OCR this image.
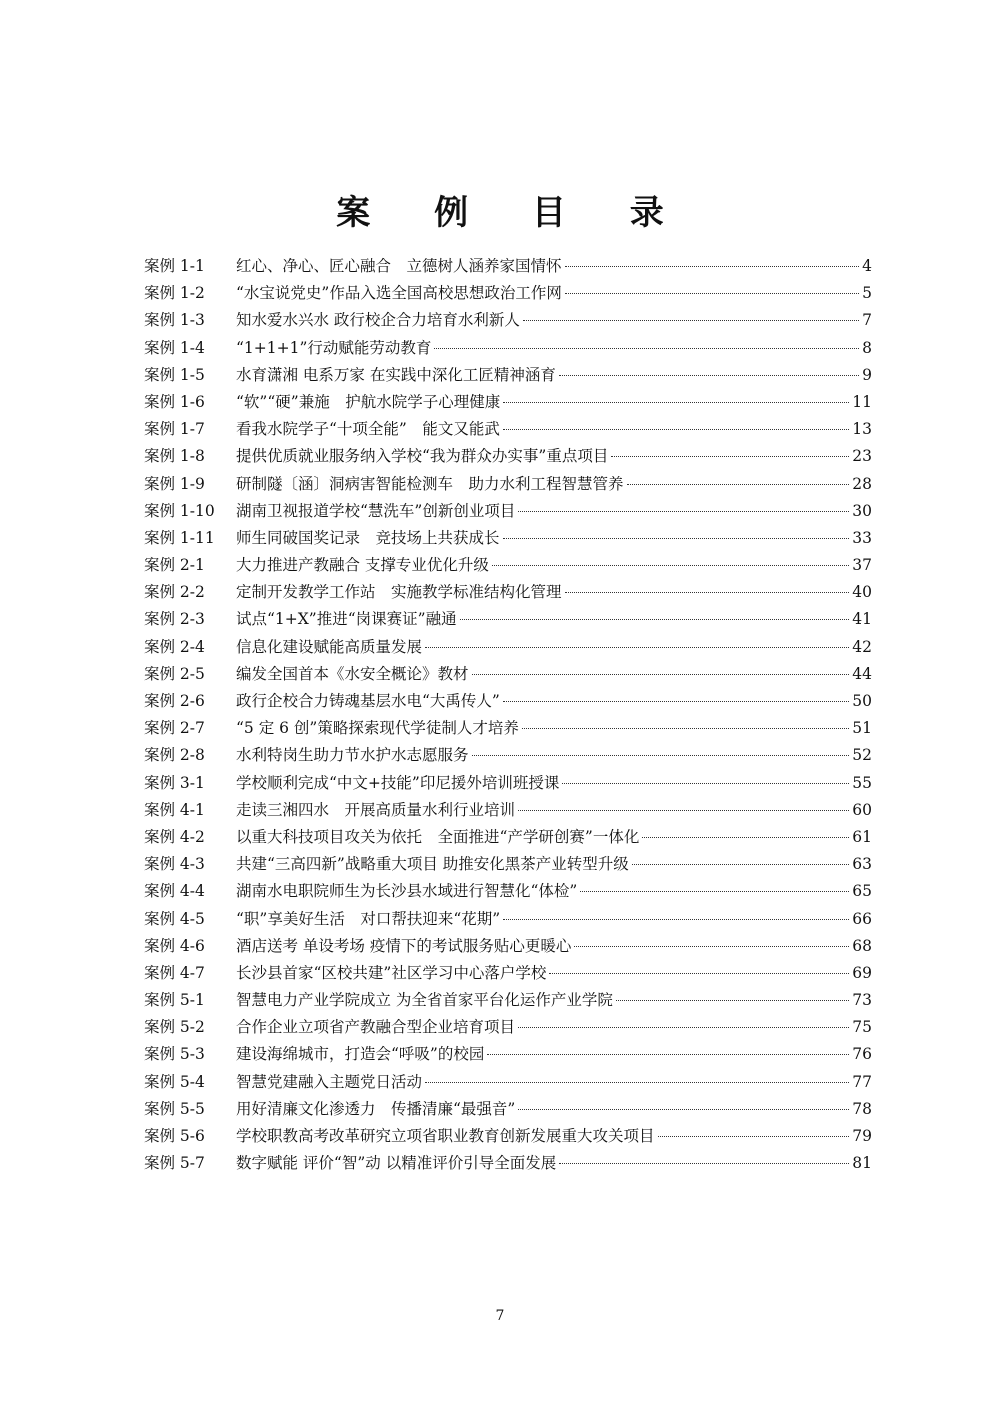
案 例 目 录
案例 1-1	红心、净心、匠心融合　立德树人涵养家国情怀	4
案例 1-2	“水宝说党史”作品入选全国高校思想政治工作网	5
案例 1-3	知水爱水兴水 政行校企合力培育水利新人	7
案例 1-4	“1+1+1”行动赋能劳动教育	8
案例 1-5	水育潇湘 电系万家 在实践中深化工匠精神涵育	9
案例 1-6	“软”“硬”兼施　护航水院学子心理健康	11
案例 1-7	看我水院学子“十项全能”　能文又能武	13
案例 1-8	提供优质就业服务纳入学校“我为群众办实事”重点项目	23
案例 1-9	研制隧〔涵〕洞病害智能检测车　助力水利工程智慧管养	28
案例 1-10	湖南卫视报道学校“慧洗车”创新创业项目	30
案例 1-11	师生同破国奖记录　竞技场上共获成长	33
案例 2-1	大力推进产教融合 支撑专业优化升级	37
案例 2-2	定制开发教学工作站　实施教学标准结构化管理	40
案例 2-3	试点“1+X”推进“岗课赛证”融通	41
案例 2-4	信息化建设赋能高质量发展	42
案例 2-5	编发全国首本《水安全概论》教材	44
案例 2-6	政行企校合力铸魂基层水电“大禹传人”	50
案例 2-7	“5 定 6 创”策略探索现代学徒制人才培养	51
案例 2-8	水利特岗生助力节水护水志愿服务	52
案例 3-1	学校顺利完成“中文+技能”印尼援外培训班授课	55
案例 4-1	走读三湘四水　开展高质量水利行业培训	60
案例 4-2	以重大科技项目攻关为依托　全面推进“产学研创赛”一体化	61
案例 4-3	共建“三高四新”战略重大项目 助推安化黑茶产业转型升级	63
案例 4-4	湖南水电职院师生为长沙县水域进行智慧化“体检”	65
案例 4-5	“职”享美好生活　对口帮扶迎来“花期”	66
案例 4-6	酒店送考 单设考场 疫情下的考试服务贴心更暖心	68
案例 4-7	长沙县首家“区校共建”社区学习中心落户学校	69
案例 5-1	智慧电力产业学院成立 为全省首家平台化运作产业学院	73
案例 5-2	合作企业立项省产教融合型企业培育项目	75
案例 5-3	建设海绵城市，打造会“呼吸”的校园	76
案例 5-4	智慧党建融入主题党日活动	77
案例 5-5	用好清廉文化渗透力　传播清廉“最强音”	78
案例 5-6	学校职教高考改革研究立项省职业教育创新发展重大攻关项目	79
案例 5-7	数字赋能 评价“智”动 以精准评价引导全面发展	81
7
